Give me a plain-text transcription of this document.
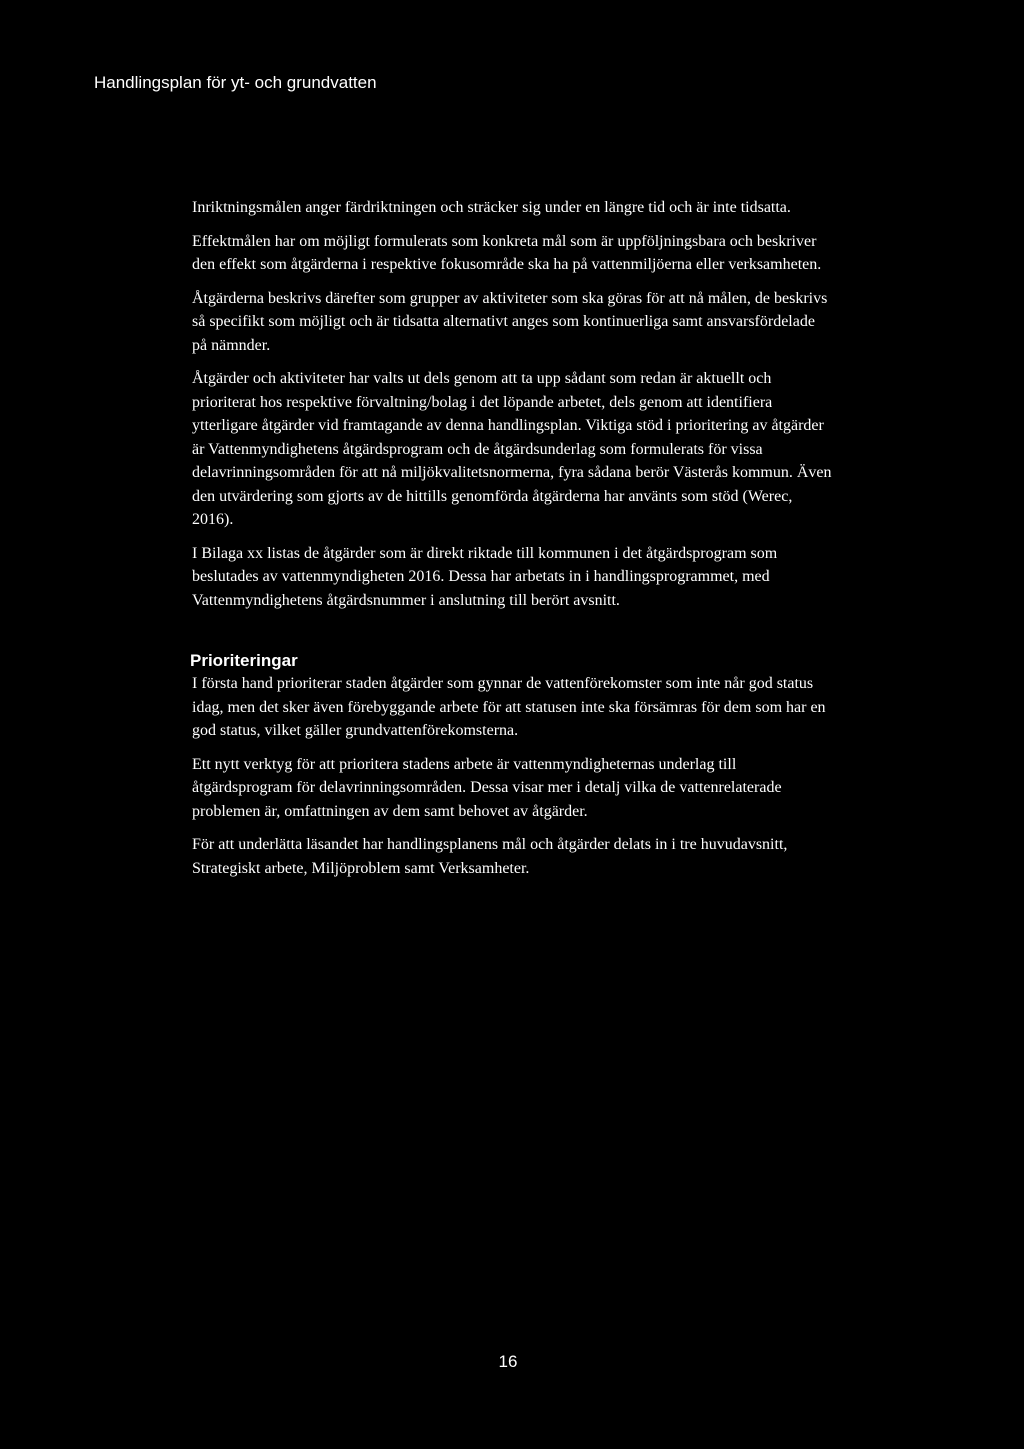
Handlingsplan för yt- och grundvatten

Inriktningsmålen anger färdriktningen och sträcker sig under en längre tid och är inte tidsatta.

Effektmålen har om möjligt formulerats som konkreta mål som är uppföljningsbara och beskriver den effekt som åtgärderna i respektive fokusområde ska ha på vattenmiljöerna eller verksamheten.

Åtgärderna beskrivs därefter som grupper av aktiviteter som ska göras för att nå målen, de beskrivs så specifikt som möjligt och är tidsatta alternativt anges som kontinuerliga samt ansvarsfördelade på nämnder.

Åtgärder och aktiviteter har valts ut dels genom att ta upp sådant som redan är aktuellt och prioriterat hos respektive förvaltning/bolag i det löpande arbetet, dels genom att identifiera ytterligare åtgärder vid framtagande av denna handlingsplan. Viktiga stöd i prioritering av åtgärder är Vattenmyndighetens åtgärdsprogram och de åtgärdsunderlag som formulerats för vissa delavrinningsområden för att nå miljökvalitetsnormerna, fyra sådana berör Västerås kommun. Även den utvärdering som gjorts av de hittills genomförda åtgärderna har använts som stöd (Werec, 2016).

I Bilaga xx listas de åtgärder som är direkt riktade till kommunen i det åtgärdsprogram som beslutades av vattenmyndigheten 2016. Dessa har arbetats in i handlingsprogrammet, med Vattenmyndighetens åtgärdsnummer i anslutning till berört avsnitt.

Prioriteringar

I första hand prioriterar staden åtgärder som gynnar de vattenförekomster som inte når god status idag, men det sker även förebyggande arbete för att statusen inte ska försämras för dem som har en god status, vilket gäller grundvattenförekomsterna.

Ett nytt verktyg för att prioritera stadens arbete är vattenmyndigheternas underlag till åtgärdsprogram för delavrinningsområden. Dessa visar mer i detalj vilka de vattenrelaterade problemen är, omfattningen av dem samt behovet av åtgärder.

För att underlätta läsandet har handlingsplanens mål och åtgärder delats in i tre huvudavsnitt, Strategiskt arbete, Miljöproblem samt Verksamheter.

16
